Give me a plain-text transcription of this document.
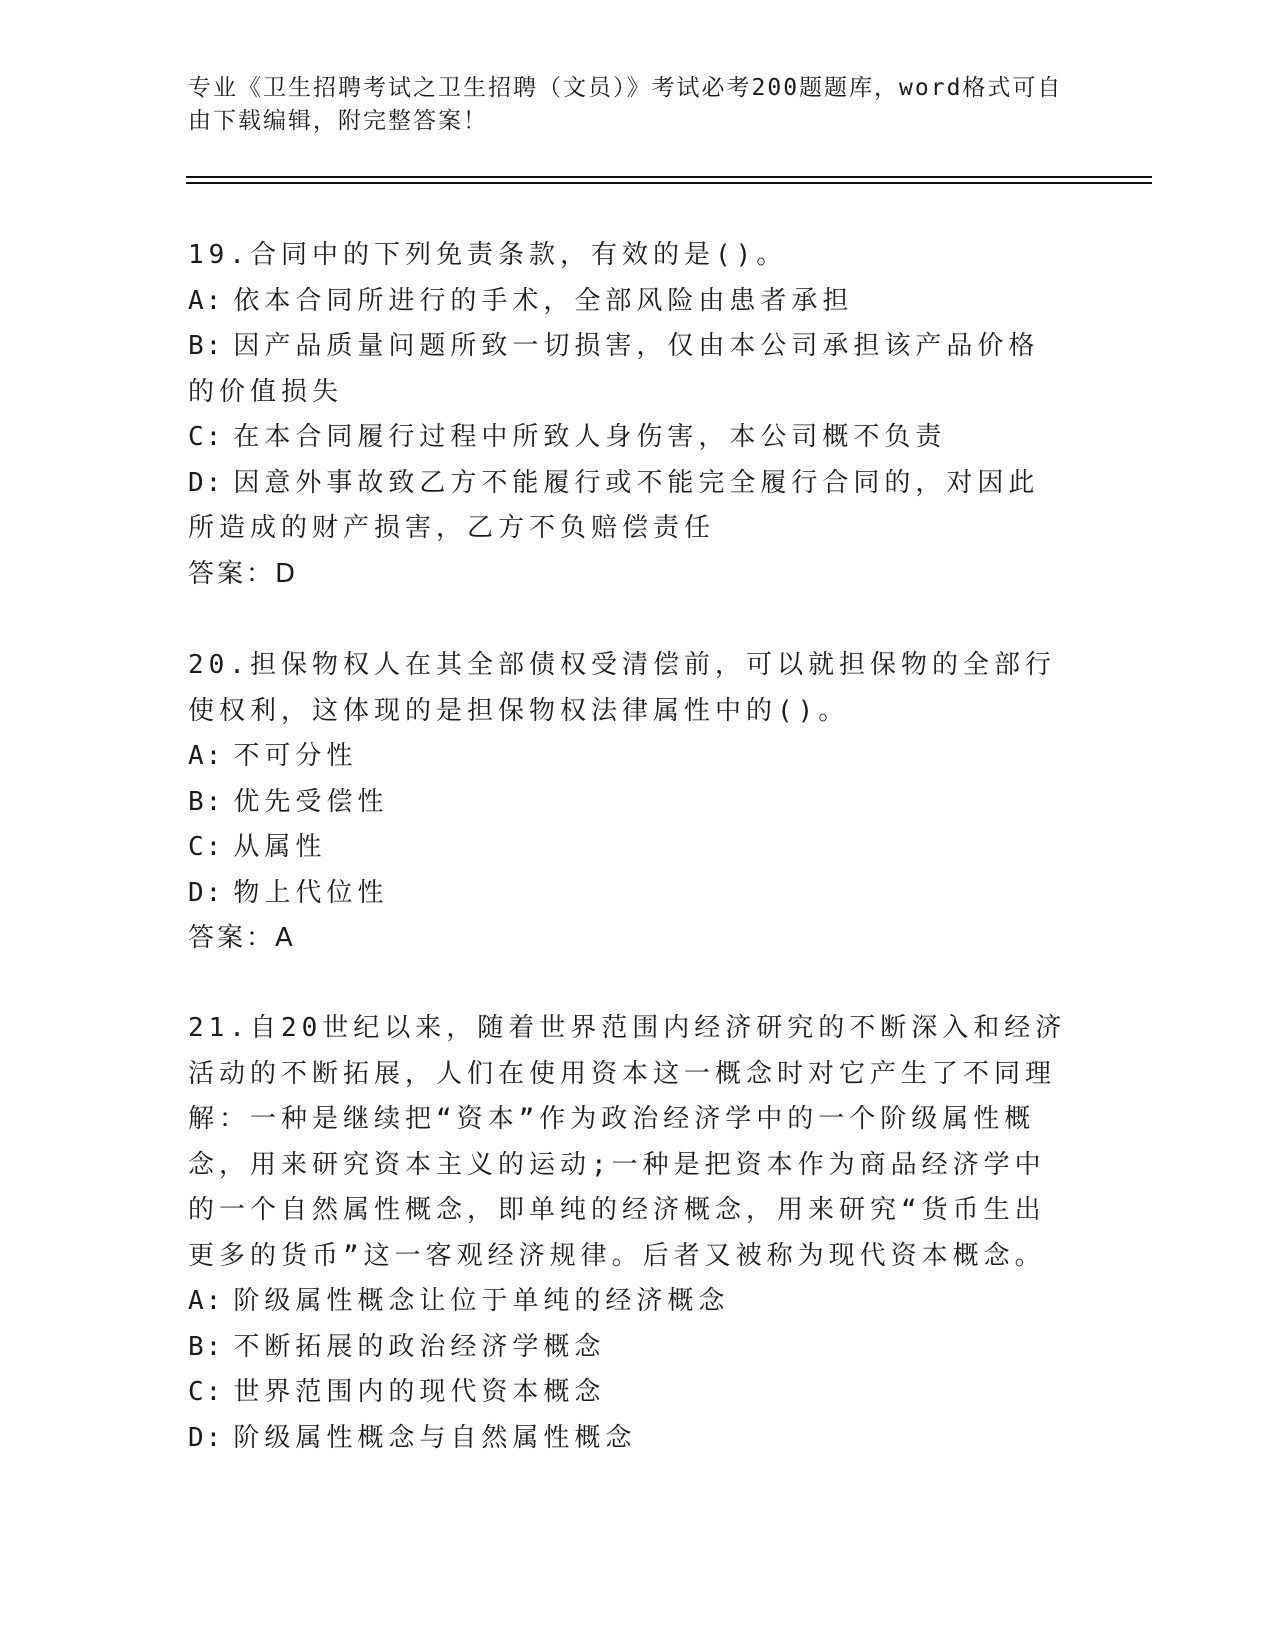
专业《卫生招聘考试之卫生招聘（文员）》考试必考200题题库，word格式可自
由下载编辑，附完整答案！

19.合同中的下列免责条款，有效的是()。

A: 依本合同所进行的手术，全部风险由患者承担

B: 因产品质量问题所致一切损害，仅由本公司承担该产品价格的价值损失

C: 在本合同履行过程中所致人身伤害，本公司概不负责

D: 因意外事故致乙方不能履行或不能完全履行合同的，对因此所造成的财产损害，乙方不负赔偿责任

答案：D

20.担保物权人在其全部债权受清偿前，可以就担保物的全部行使权利，这体现的是担保物权法律属性中的()。

A: 不可分性

B: 优先受偿性

C: 从属性

D: 物上代位性

答案：A

21.自20世纪以来，随着世界范围内经济研究的不断深入和经济活动的不断拓展，人们在使用资本这一概念时对它产生了不同理解：一种是继续把“资本”作为政治经济学中的一个阶级属性概念，用来研究资本主义的运动;一种是把资本作为商品经济学中的一个自然属性概念，即单纯的经济概念，用来研究“货币生出更多的货币”这一客观经济规律。后者又被称为现代资本概念。

A: 阶级属性概念让位于单纯的经济概念

B: 不断拓展的政治经济学概念

C: 世界范围内的现代资本概念

D: 阶级属性概念与自然属性概念
